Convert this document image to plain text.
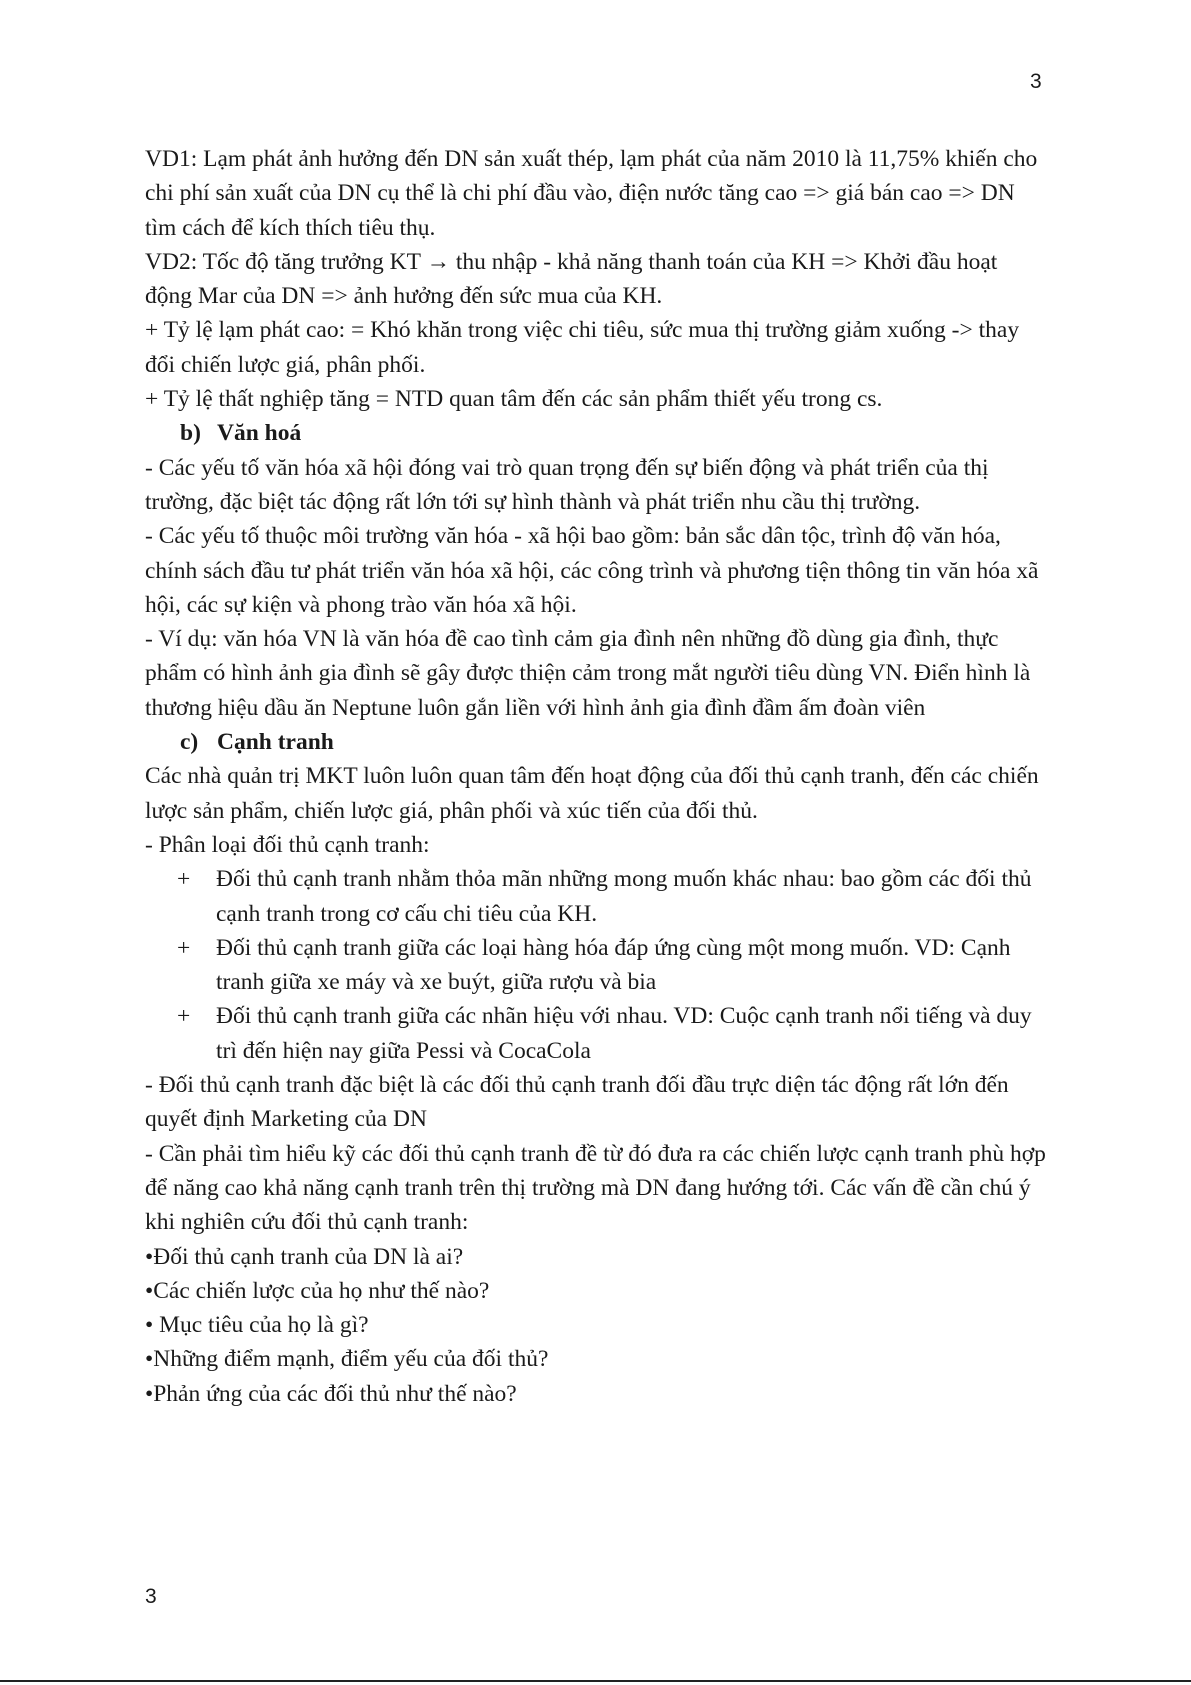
3

VD1: Lạm phát ảnh hưởng đến DN sản xuất thép, lạm phát của năm 2010 là 11,75% khiến cho chi phí sản xuất của DN cụ thể là chi phí đầu vào, điện nước tăng cao => giá bán cao => DN tìm cách để kích thích tiêu thụ.

VD2: Tốc độ tăng trưởng KT → thu nhập - khả năng thanh toán của KH => Khởi đầu hoạt động Mar của DN => ảnh hưởng đến sức mua của KH.

+ Tỷ lệ lạm phát cao: = Khó khăn trong việc chi tiêu, sức mua thị trường giảm xuống -> thay đổi chiến lược giá, phân phối.

+ Tỷ lệ thất nghiệp tăng = NTD quan tâm đến các sản phẩm thiết yếu trong cs.

b) Văn hoá

- Các yếu tố văn hóa xã hội đóng vai trò quan trọng đến sự biến động và phát triển của thị trường, đặc biệt tác động rất lớn tới sự hình thành và phát triển nhu cầu thị trường.

- Các yếu tố thuộc môi trường văn hóa - xã hội bao gồm: bản sắc dân tộc, trình độ văn hóa, chính sách đầu tư phát triển văn hóa xã hội, các công trình và phương tiện thông tin văn hóa xã hội, các sự kiện và phong trào văn hóa xã hội.

- Ví dụ: văn hóa VN là văn hóa đề cao tình cảm gia đình nên những đồ dùng gia đình, thực phẩm có hình ảnh gia đình sẽ gây được thiện cảm trong mắt người tiêu dùng VN. Điển hình là thương hiệu dầu ăn Neptune luôn gắn liền với hình ảnh gia đình đầm ấm đoàn viên

c) Cạnh tranh

Các nhà quản trị MKT luôn luôn quan tâm đến hoạt động của đối thủ cạnh tranh, đến các chiến lược sản phẩm, chiến lược giá, phân phối và xúc tiến của đối thủ.

- Phân loại đối thủ cạnh tranh:

+	Đối thủ cạnh tranh nhằm thỏa mãn những mong muốn khác nhau: bao gồm các đối thủ cạnh tranh trong cơ cấu chi tiêu của KH.
+	Đối thủ cạnh tranh giữa các loại hàng hóa đáp ứng cùng một mong muốn. VD: Cạnh tranh giữa xe máy và xe buýt, giữa rượu và bia
+	Đối thủ cạnh tranh giữa các nhãn hiệu với nhau. VD: Cuộc cạnh tranh nổi tiếng và duy trì đến hiện nay giữa Pessi và CocaCola

- Đối thủ cạnh tranh đặc biệt là các đối thủ cạnh tranh đối đầu trực diện tác động rất lớn đến quyết định Marketing của DN

- Cần phải tìm hiểu kỹ các đối thủ cạnh tranh đề từ đó đưa ra các chiến lược cạnh tranh phù hợp để năng cao khả năng cạnh tranh trên thị trường mà DN đang hướng tới. Các vấn đề cần chú ý khi nghiên cứu đối thủ cạnh tranh:

•Đối thủ cạnh tranh của DN là ai?

•Các chiến lược của họ như thế nào?

• Mục tiêu của họ là gì?

•Những điểm mạnh, điểm yếu của đối thủ?

•Phản ứng của các đối thủ như thế nào?

3
